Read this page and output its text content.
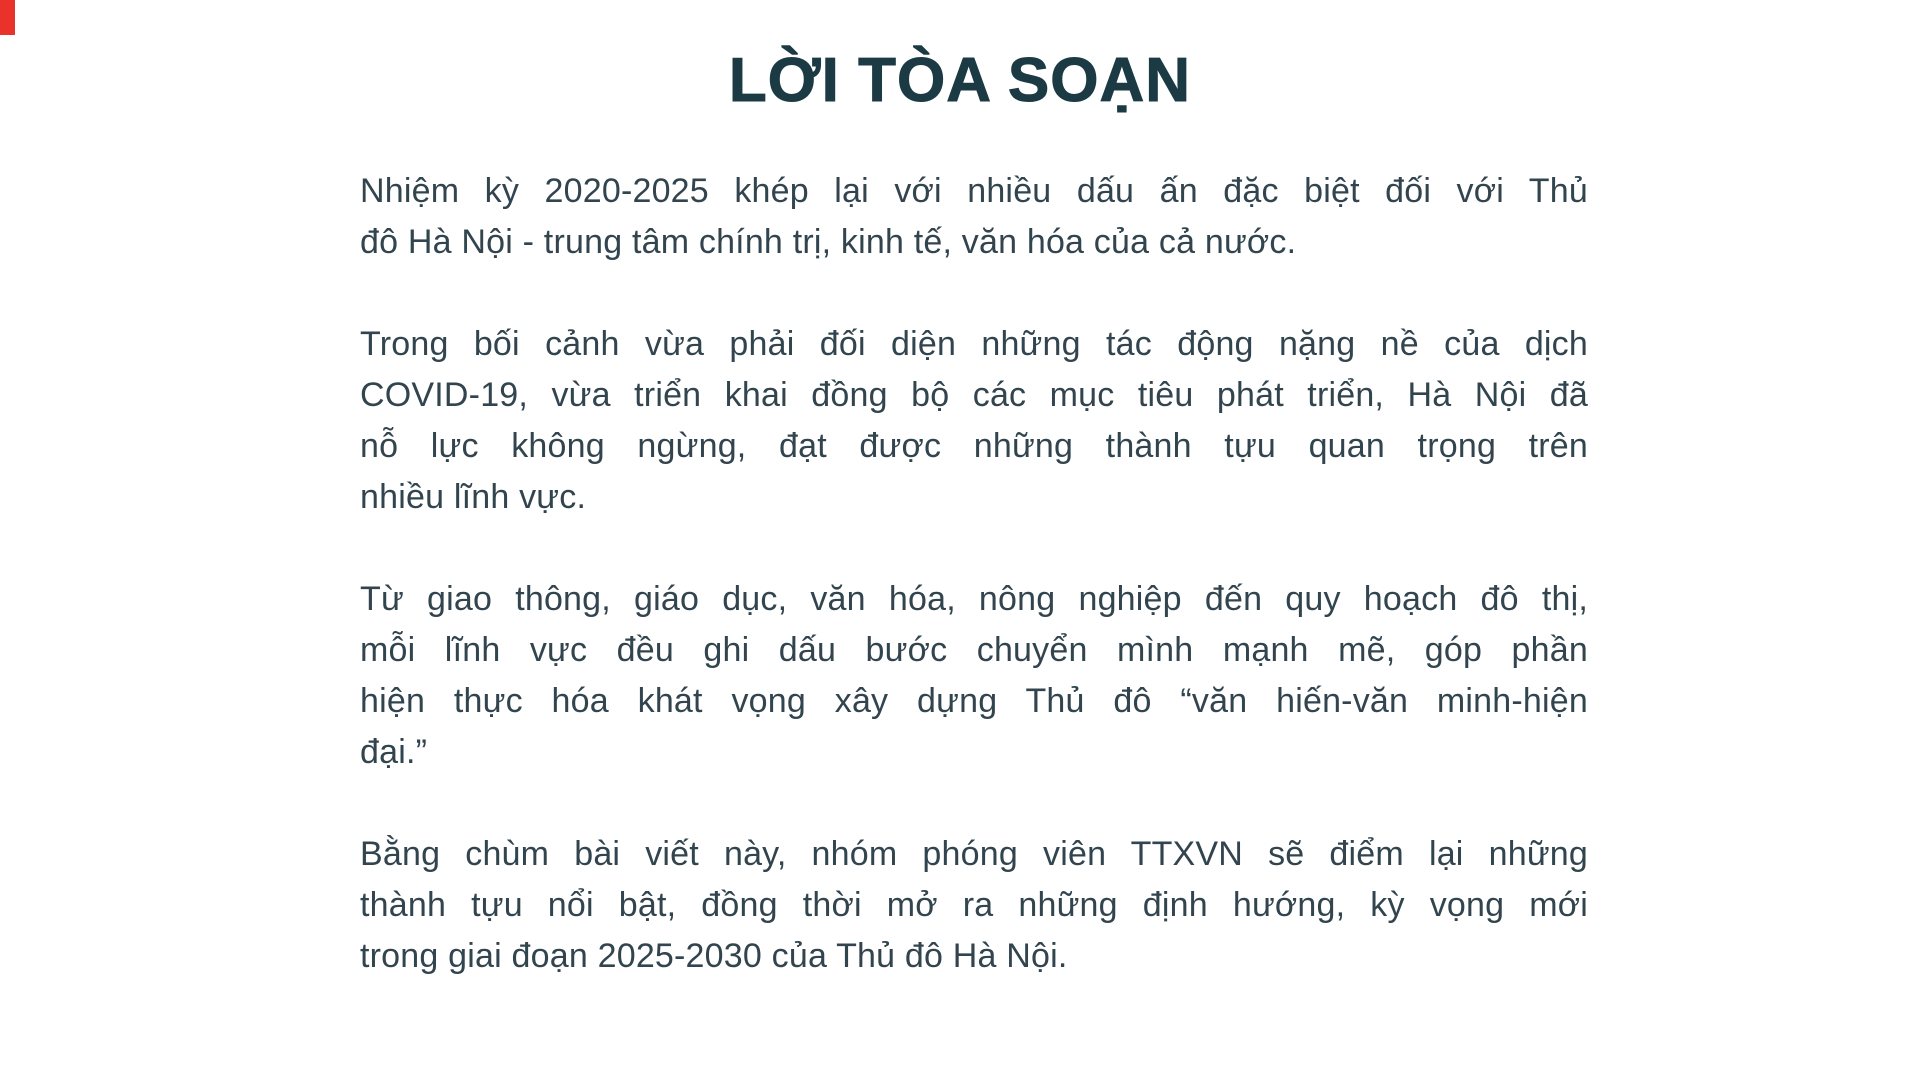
LỜI TÒA SOẠN

Nhiệm kỳ 2020-2025 khép lại với nhiều dấu ấn đặc biệt đối với Thủ
đô Hà Nội - trung tâm chính trị, kinh tế, văn hóa của cả nước.

Trong bối cảnh vừa phải đối diện những tác động nặng nề của dịch
COVID-19, vừa triển khai đồng bộ các mục tiêu phát triển, Hà Nội đã
nỗ lực không ngừng, đạt được những thành tựu quan trọng trên
nhiều lĩnh vực.

Từ giao thông, giáo dục, văn hóa, nông nghiệp đến quy hoạch đô thị,
mỗi lĩnh vực đều ghi dấu bước chuyển mình mạnh mẽ, góp phần
hiện thực hóa khát vọng xây dựng Thủ đô “văn hiến-văn minh-hiện
đại.”

Bằng chùm bài viết này, nhóm phóng viên TTXVN sẽ điểm lại những
thành tựu nổi bật, đồng thời mở ra những định hướng, kỳ vọng mới
trong giai đoạn 2025-2030 của Thủ đô Hà Nội.
